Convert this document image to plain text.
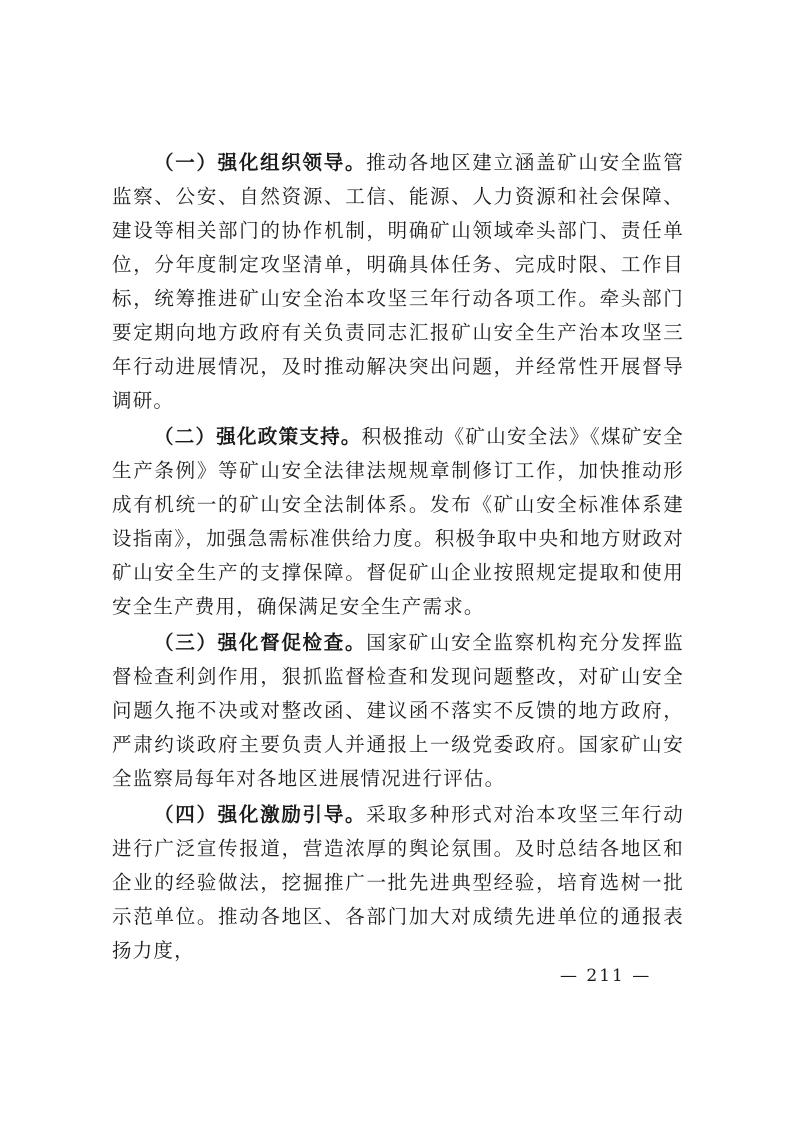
（一）强化组织领导。推动各地区建立涵盖矿山安全监管监察、公安、自然资源、工信、能源、人力资源和社会保障、建设等相关部门的协作机制，明确矿山领域牵头部门、责任单位，分年度制定攻坚清单，明确具体任务、完成时限、工作目标，统筹推进矿山安全治本攻坚三年行动各项工作。牵头部门要定期向地方政府有关负责同志汇报矿山安全生产治本攻坚三年行动进展情况，及时推动解决突出问题，并经常性开展督导调研。

（二）强化政策支持。积极推动《矿山安全法》《煤矿安全生产条例》等矿山安全法律法规规章制修订工作，加快推动形成有机统一的矿山安全法制体系。发布《矿山安全标准体系建设指南》，加强急需标准供给力度。积极争取中央和地方财政对矿山安全生产的支撑保障。督促矿山企业按照规定提取和使用安全生产费用，确保满足安全生产需求。

（三）强化督促检查。国家矿山安全监察机构充分发挥监督检查利剑作用，狠抓监督检查和发现问题整改，对矿山安全问题久拖不决或对整改函、建议函不落实不反馈的地方政府，严肃约谈政府主要负责人并通报上一级党委政府。国家矿山安全监察局每年对各地区进展情况进行评估。

（四）强化激励引导。采取多种形式对治本攻坚三年行动进行广泛宣传报道，营造浓厚的舆论氛围。及时总结各地区和企业的经验做法，挖掘推广一批先进典型经验，培育选树一批示范单位。推动各地区、各部门加大对成绩先进单位的通报表扬力度，

— 211 —
